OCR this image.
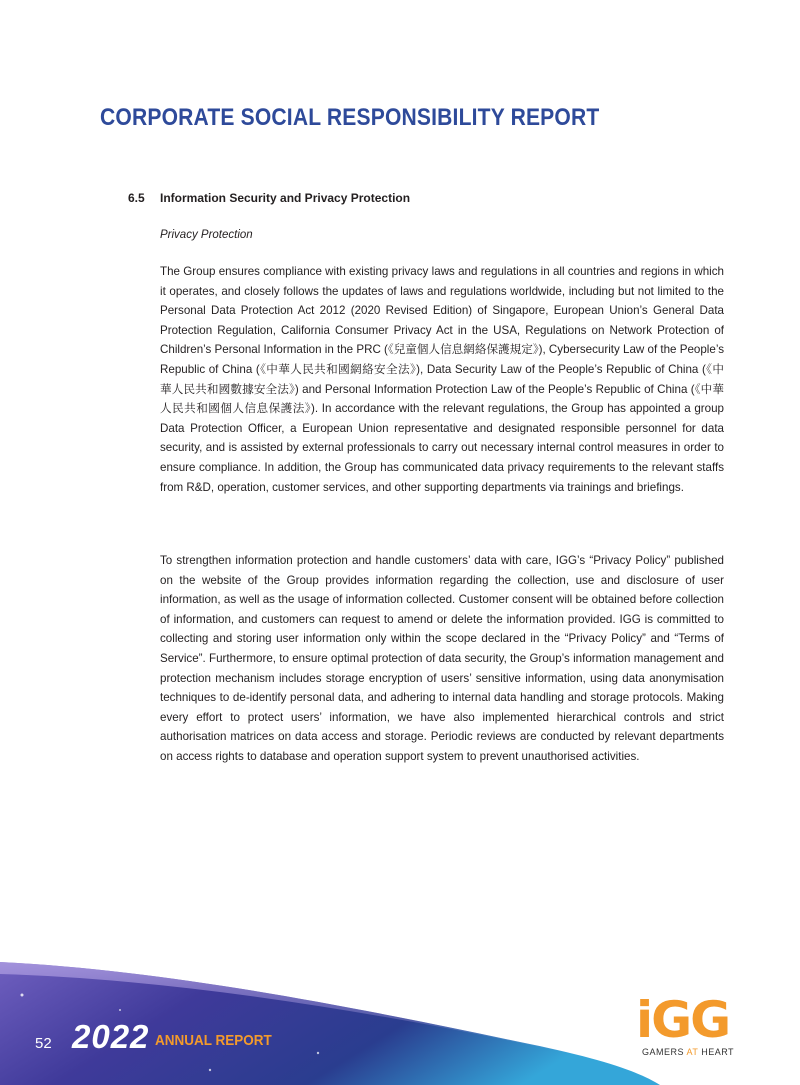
CORPORATE SOCIAL RESPONSIBILITY REPORT
6.5 Information Security and Privacy Protection
Privacy Protection
The Group ensures compliance with existing privacy laws and regulations in all countries and regions in which it operates, and closely follows the updates of laws and regulations worldwide, including but not limited to the Personal Data Protection Act 2012 (2020 Revised Edition) of Singapore, European Union’s General Data Protection Regulation, California Consumer Privacy Act in the USA, Regulations on Network Protection of Children’s Personal Information in the PRC (《兒童個人信息網絡保護規定》), Cybersecurity Law of the People’s Republic of China (《中華人民共和國網絡安全法》), Data Security Law of the People’s Republic of China (《中華人民共和國數據安全法》) and Personal Information Protection Law of the People’s Republic of China (《中華人民共和國個人信息保護法》). In accordance with the relevant regulations, the Group has appointed a group Data Protection Officer, a European Union representative and designated responsible personnel for data security, and is assisted by external professionals to carry out necessary internal control measures in order to ensure compliance. In addition, the Group has communicated data privacy requirements to the relevant staffs from R&D, operation, customer services, and other supporting departments via trainings and briefings.
To strengthen information protection and handle customers’ data with care, IGG’s “Privacy Policy” published on the website of the Group provides information regarding the collection, use and disclosure of user information, as well as the usage of information collected. Customer consent will be obtained before collection of information, and customers can request to amend or delete the information provided. IGG is committed to collecting and storing user information only within the scope declared in the “Privacy Policy” and “Terms of Service”. Furthermore, to ensure optimal protection of data security, the Group’s information management and protection mechanism includes storage encryption of users’ sensitive information, using data anonymisation techniques to de-identify personal data, and adhering to internal data handling and storage protocols. Making every effort to protect users’ information, we have also implemented hierarchical controls and strict authorisation matrices on data access and storage. Periodic reviews are conducted by relevant departments on access rights to database and operation support system to prevent unauthorised activities.
52 2022 ANNUAL REPORT	iGG
GAMERS AT HEART
